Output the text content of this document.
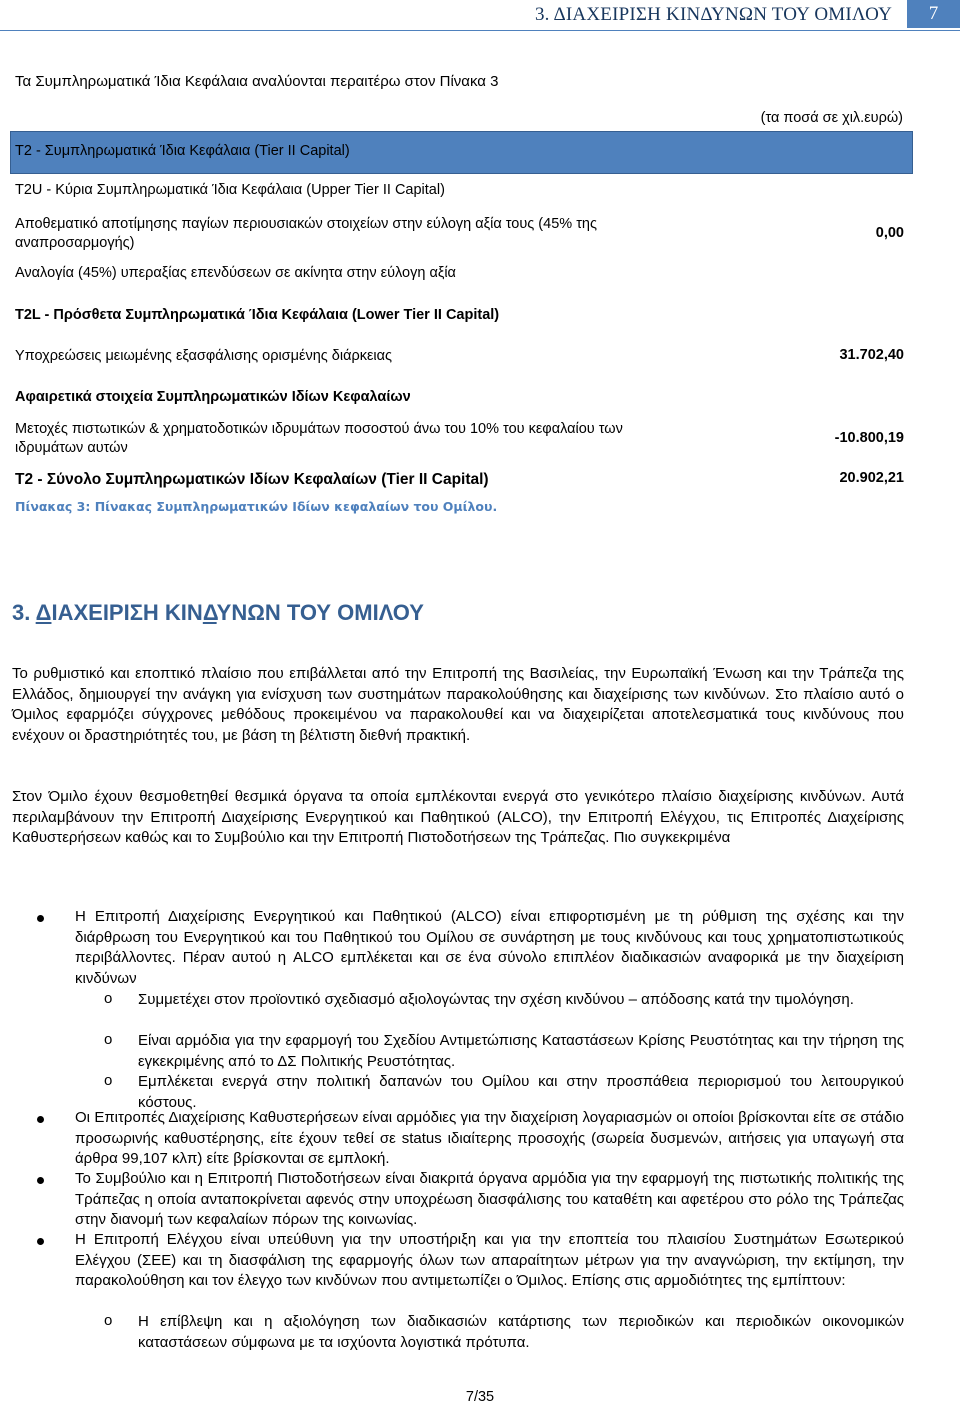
3. ΔΙΑΧΕΙΡΙΣΗ ΚΙΝΔΥΝΩΝ ΤΟΥ ΟΜΙΛΟΥ	7
Τα Συμπληρωματικά Ίδια Κεφάλαια αναλύονται περαιτέρω στον Πίνακα 3
(τα ποσά σε χιλ.ευρώ)
T2 - Συμπληρωματικά Ίδια Κεφάλαια (Tier II Capital)
T2U - Κύρια Συμπληρωματικά Ίδια Κεφάλαια (Upper Tier II Capital)
Αποθεματικό αποτίμησης παγίων περιουσιακών στοιχείων στην εύλογη αξία τους (45% της
αναπροσαρμογής)
0,00
Αναλογία (45%) υπεραξίας επενδύσεων σε ακίνητα στην εύλογη αξία
T2L - Πρόσθετα Συμπληρωματικά Ίδια Κεφάλαια (Lower Tier II Capital)
Υποχρεώσεις μειωμένης εξασφάλισης ορισμένης διάρκειας	31.702,40
Αφαιρετικά στοιχεία Συμπληρωματικών Ιδίων Κεφαλαίων
Μετοχές πιστωτικών & χρηματοδοτικών ιδρυμάτων ποσοστού άνω του 10% του κεφαλαίου των
ιδρυμάτων αυτών
-10.800,19
T2 - Σύνολο Συμπληρωματικών Ιδίων Κεφαλαίων (Tier II Capital)	20.902,21
Πίνακας 3: Πίνακας Συμπληρωματικών Ιδίων κεφαλαίων του Ομίλου.
3. ΔΙΑΧΕΙΡΙΣΗ ΚΙΝΔΥΝΩΝ ΤΟΥ ΟΜΙΛΟΥ

Το ρυθμιστικό και εποπτικό πλαίσιο που επιβάλλεται από την Επιτροπή της Βασιλείας, την Ευρωπαϊκή Ένωση και την Τράπεζα της Ελλάδος, δημιουργεί την ανάγκη για ενίσχυση των συστημάτων παρακολούθησης και διαχείρισης των κινδύνων. Στο πλαίσιο αυτό ο Όμιλος εφαρμόζει σύγχρονες μεθόδους προκειμένου να παρακολουθεί και να διαχειρίζεται αποτελεσματικά τους κινδύνους που ενέχουν οι δραστηριότητές του, με βάση τη βέλτιστη διεθνή πρακτική.

Στον Όμιλο έχουν θεσμοθετηθεί θεσμικά όργανα τα οποία εμπλέκονται ενεργά στο γενικότερο πλαίσιο διαχείρισης κινδύνων. Αυτά περιλαμβάνουν την Επιτροπή Διαχείρισης Ενεργητικού και Παθητικού (ALCO), την Επιτροπή Ελέγχου, τις Επιτροπές Διαχείρισης Καθυστερήσεων καθώς και το Συμβούλιο και την Επιτροπή Πιστοδοτήσεων της Τράπεζας. Πιο συγκεκριμένα

Η Επιτροπή Διαχείρισης Ενεργητικού και Παθητικού (ALCO) είναι επιφορτισμένη με τη ρύθμιση της σχέσης και την διάρθρωση του Ενεργητικού και του Παθητικού του Ομίλου σε συνάρτηση με τους κινδύνους και τους χρηματοπιστωτικούς περιβάλλοντες. Πέραν αυτού η ALCO εμπλέκεται και σε ένα σύνολο επιπλέον διαδικασιών αναφορικά με την διαχείριση κινδύνων
o Συμμετέχει στον προϊοντικό σχεδιασμό αξιολογώντας την σχέση κινδύνου – απόδοσης κατά την τιμολόγηση.
o Είναι αρμόδια για την εφαρμογή του Σχεδίου Αντιμετώπισης Καταστάσεων Κρίσης Ρευστότητας και την τήρηση της εγκεκριμένης από το ΔΣ Πολιτικής Ρευστότητας.
o Εμπλέκεται ενεργά στην πολιτική δαπανών του Ομίλου και στην προσπάθεια περιορισμού του λειτουργικού κόστους.
Οι Επιτροπές Διαχείρισης Καθυστερήσεων είναι αρμόδιες για την διαχείριση λογαριασμών οι οποίοι βρίσκονται είτε σε στάδιο προσωρινής καθυστέρησης, είτε έχουν τεθεί σε status ιδιαίτερης προσοχής (σωρεία δυσμενών, αιτήσεις για υπαγωγή στα άρθρα 99,107 κλπ) είτε βρίσκονται σε εμπλοκή.
Το Συμβούλιο και η Επιτροπή Πιστοδοτήσεων είναι διακριτά όργανα αρμόδια για την εφαρμογή της πιστωτικής πολιτικής της Τράπεζας η οποία ανταποκρίνεται αφενός στην υποχρέωση διασφάλισης του καταθέτη και αφετέρου στο ρόλο της Τράπεζας στην διανομή των κεφαλαίων πόρων της κοινωνίας.
Η Επιτροπή Ελέγχου είναι υπεύθυνη για την υποστήριξη και για την εποπτεία του πλαισίου Συστημάτων Εσωτερικού Ελέγχου (ΣΕΕ) και τη διασφάλιση της εφαρμογής όλων των απαραίτητων μέτρων για την αναγνώριση, την εκτίμηση, την παρακολούθηση και τον έλεγχο των κινδύνων που αντιμετωπίζει ο Όμιλος. Επίσης στις αρμοδιότητες της εμπίπτουν:
o Η επίβλεψη και η αξιολόγηση των διαδικασιών κατάρτισης των περιοδικών και περιοδικών οικονομικών καταστάσεων σύμφωνα με τα ισχύοντα λογιστικά πρότυπα.
7/35
